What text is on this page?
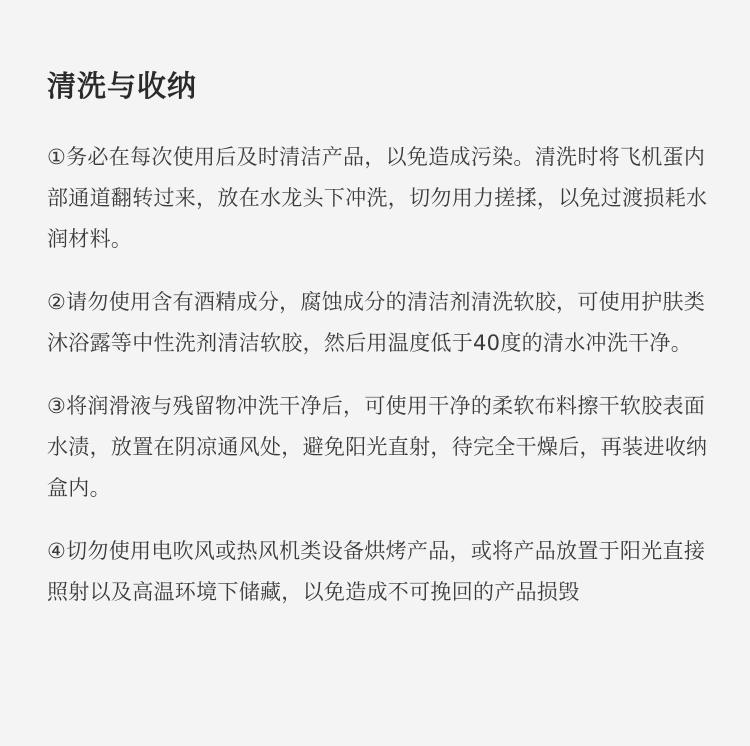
清洗与收纳

①务必在每次使用后及时清洁产品，以免造成污染。清洗时将飞机蛋内部通道翻转过来，放在水龙头下冲洗，切勿用力搓揉，以免过渡损耗水润材料。

②请勿使用含有酒精成分，腐蚀成分的清洁剂清洗软胶，可使用护肤类沐浴露等中性洗剂清洁软胶，然后用温度低于40度的清水冲洗干净。

③将润滑液与残留物冲洗干净后，可使用干净的柔软布料擦干软胶表面水渍，放置在阴凉通风处，避免阳光直射，待完全干燥后，再装进收纳盒内。

④切勿使用电吹风或热风机类设备烘烤产品，或将产品放置于阳光直接照射以及高温环境下储藏，以免造成不可挽回的产品损毁
